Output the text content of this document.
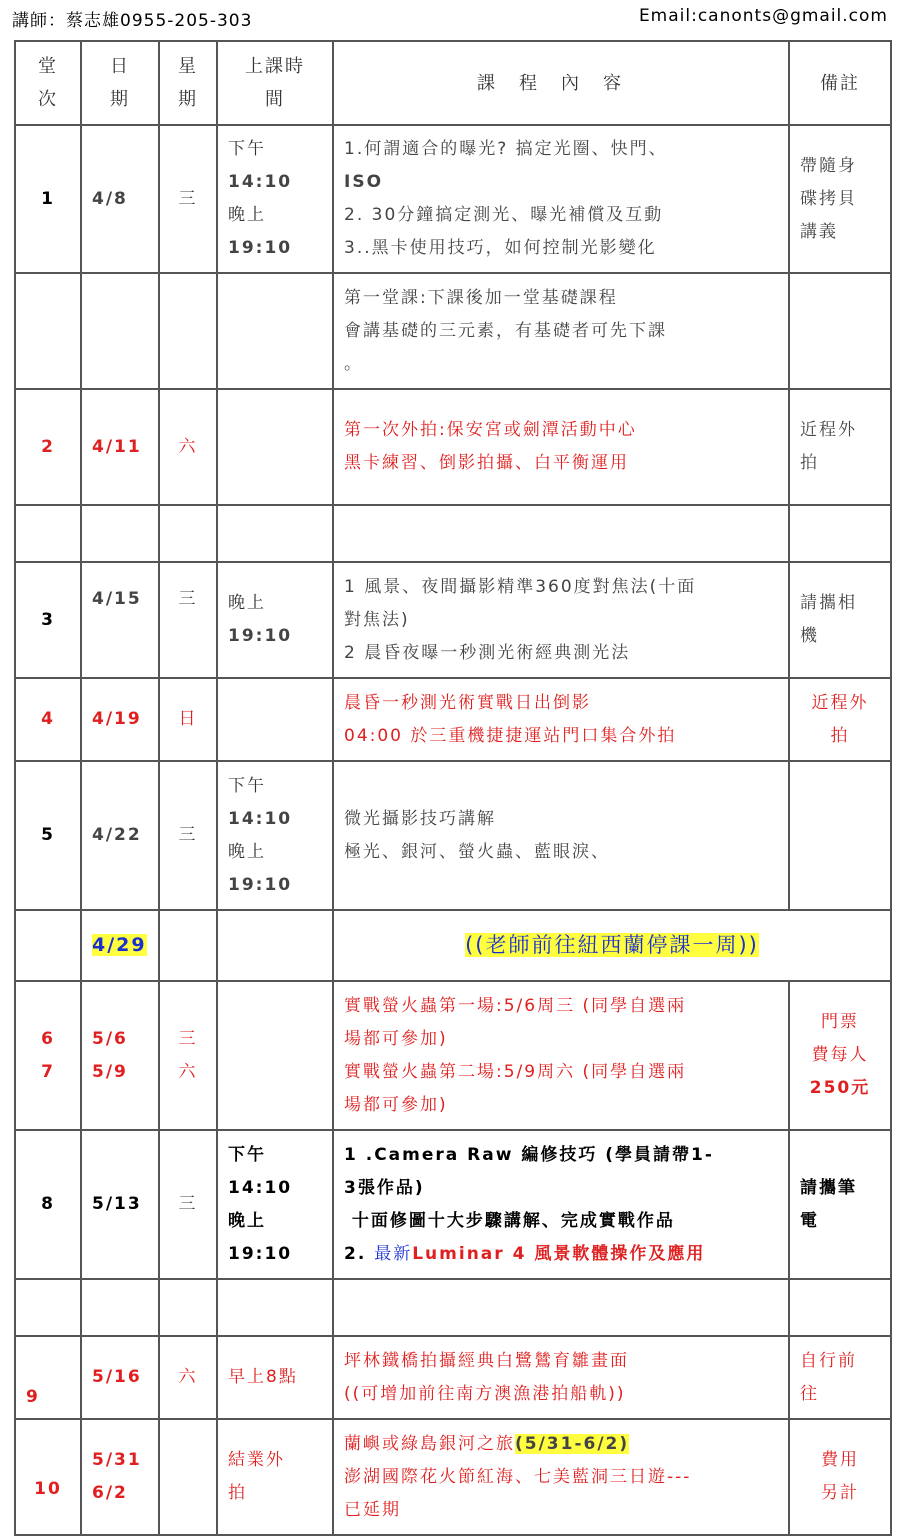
講師：蔡志雄0955-205-303	Email:canonts@gmail.com
堂
次	日
期	星
期	上課時
間	課程內容	備註
1	4/8	三	下午
14:10
晚上
19:10	1.何謂適合的曝光? 搞定光圈、快門、
ISO
2. 30分鐘搞定測光、曝光補償及互動
3..黑卡使用技巧，如何控制光影變化	帶隨身
碟拷貝
講義
				第一堂課:下課後加一堂基礎課程
會講基礎的三元素，有基礎者可先下課
。	
2	4/11	六		第一次外拍:保安宮或劍潭活動中心
黑卡練習、倒影拍攝、白平衡運用	近程外
拍

3	4/15	三	晚上
19:10	1 風景、夜間攝影精準360度對焦法(十面
對焦法)
2 晨昏夜曝一秒測光術經典測光法	請攜相
機
4	4/19	日		晨昏一秒測光術實戰日出倒影
04:00 於三重機捷捷運站門口集合外拍	近程外
拍
5	4/22	三	下午
14:10
晚上
19:10	微光攝影技巧講解
極光、銀河、螢火蟲、藍眼淚、	
	4/29			((老師前往紐西蘭停課一周))	
6
7	5/6
5/9	三
六		實戰螢火蟲第一場:5/6周三 (同學自選兩
場都可參加)
實戰螢火蟲第二場:5/9周六 (同學自選兩
場都可參加)	門票
費每人
250元
8	5/13	三	下午
14:10
晚上
19:10	1 .Camera Raw 編修技巧 (學員請帶1-
3張作品)
十面修圖十大步驟講解、完成實戰作品
2. 最新Luminar 4 風景軟體操作及應用	請攜筆
電

9	5/16	六	早上8點	坪林鐵橋拍攝經典白鷺鷥育雛畫面
((可增加前往南方澳漁港拍船軌))	自行前
往
10	5/31
6/2		結業外
拍	蘭嶼或綠島銀河之旅(5/31-6/2)
澎湖國際花火節紅海、七美藍洞三日遊---
已延期	費用
另計
